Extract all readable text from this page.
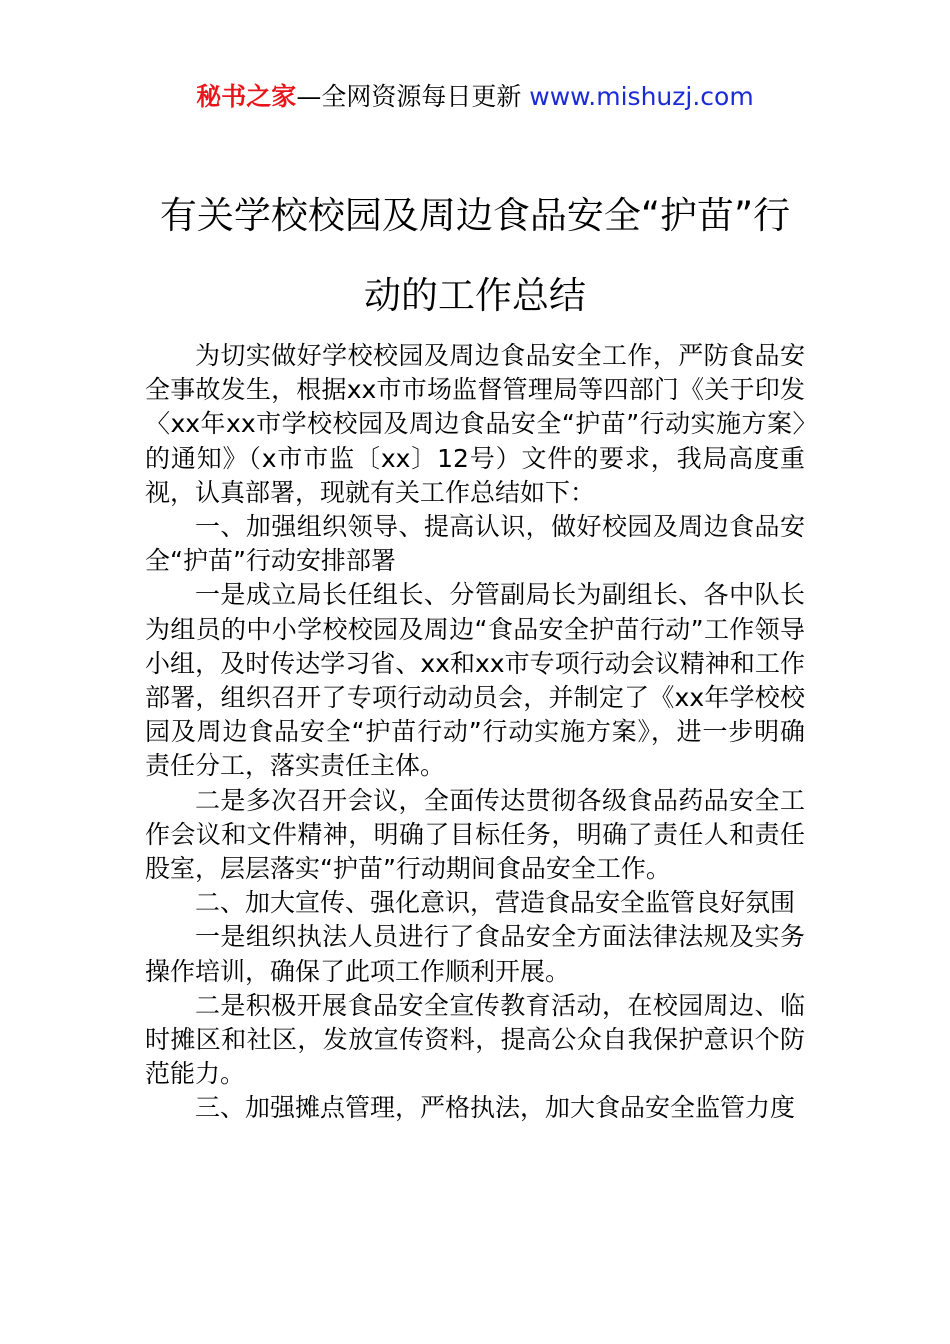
秘书之家—全网资源每日更新 www.mishuzj.com
有关学校校园及周边食品安全“护苗”行
动的工作总结

为切实做好学校校园及周边食品安全工作，严防食品安全事故发生，根据xx市市场监督管理局等四部门《关于印发〈xx年xx市学校校园及周边食品安全“护苗”行动实施方案〉的通知》（x市市监〔xx〕12号）文件的要求，我局高度重视，认真部署，现就有关工作总结如下：

一、加强组织领导、提高认识，做好校园及周边食品安全“护苗”行动安排部署

一是成立局长任组长、分管副局长为副组长、各中队长为组员的中小学校校园及周边“食品安全护苗行动”工作领导小组，及时传达学习省、xx和xx市专项行动会议精神和工作部署，组织召开了专项行动动员会，并制定了《xx年学校校园及周边食品安全“护苗行动”行动实施方案》，进一步明确责任分工，落实责任主体。

二是多次召开会议，全面传达贯彻各级食品药品安全工作会议和文件精神，明确了目标任务，明确了责任人和责任股室，层层落实“护苗”行动期间食品安全工作。

二、加大宣传、强化意识，营造食品安全监管良好氛围

一是组织执法人员进行了食品安全方面法律法规及实务操作培训，确保了此项工作顺利开展。

二是积极开展食品安全宣传教育活动，在校园周边、临时摊区和社区，发放宣传资料，提高公众自我保护意识个防范能力。

三、加强摊点管理，严格执法，加大食品安全监管力度
